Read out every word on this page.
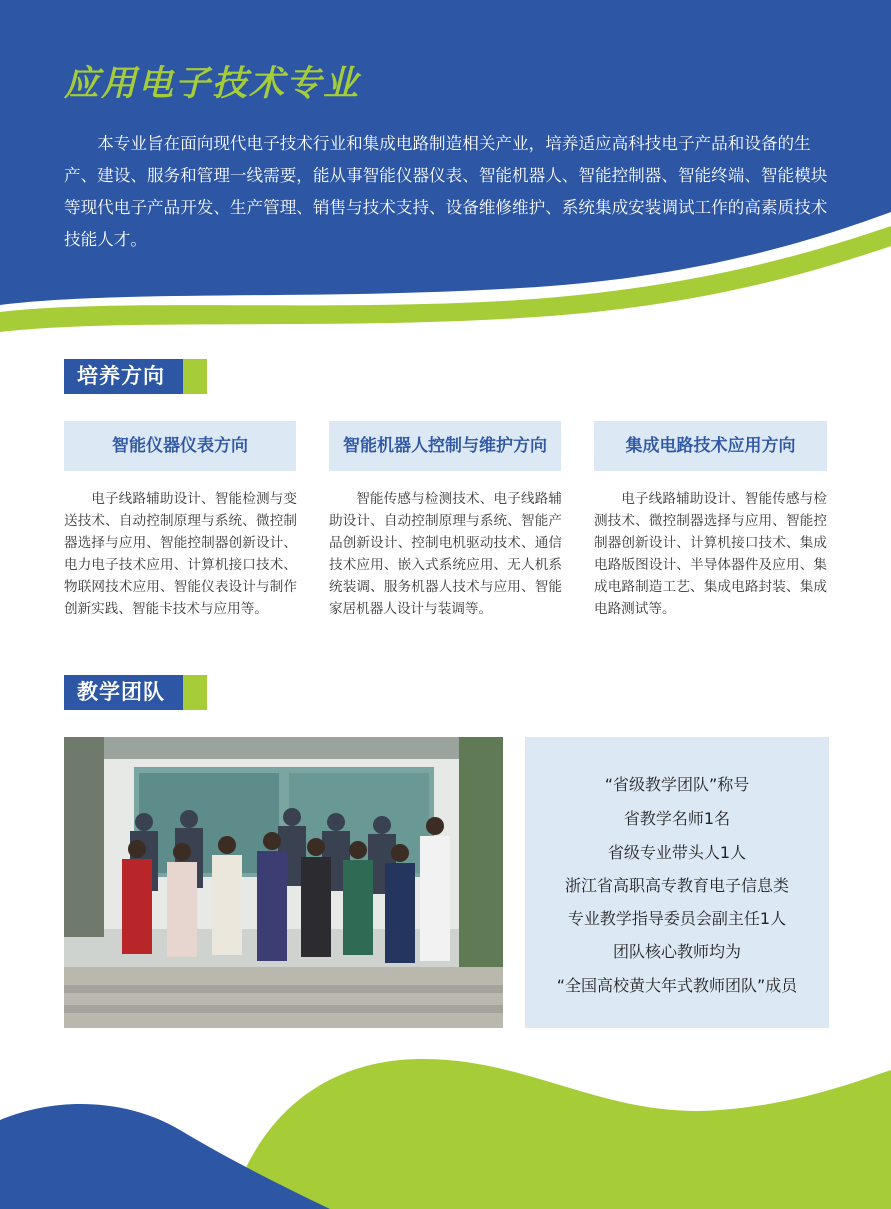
应用电子技术专业

本专业旨在面向现代电子技术行业和集成电路制造相关产业，培养适应高科技电子产品和设备的生产、建设、服务和管理一线需要，能从事智能仪器仪表、智能机器人、智能控制器、智能终端、智能模块等现代电子产品开发、生产管理、销售与技术支持、设备维修维护、系统集成安装调试工作的高素质技术技能人才。

培养方向
智能仪器仪表方向	智能机器人控制与维护方向	集成电路技术应用方向

电子线路辅助设计、智能检测与变送技术、自动控制原理与系统、微控制器选择与应用、智能控制器创新设计、电力电子技术应用、计算机接口技术、物联网技术应用、智能仪表设计与制作创新实践、智能卡技术与应用等。

智能传感与检测技术、电子线路辅助设计、自动控制原理与系统、智能产品创新设计、控制电机驱动技术、通信技术应用、嵌入式系统应用、无人机系统装调、服务机器人技术与应用、智能家居机器人设计与装调等。

电子线路辅助设计、智能传感与检测技术、微控制器选择与应用、智能控制器创新设计、计算机接口技术、集成电路版图设计、半导体器件及应用、集成电路制造工艺、集成电路封装、集成电路测试等。

教学团队
“省级教学团队”称号
省教学名师1名
省级专业带头人1人
浙江省高职高专教育电子信息类
专业教学指导委员会副主任1人
团队核心教师均为
“全国高校黄大年式教师团队”成员
